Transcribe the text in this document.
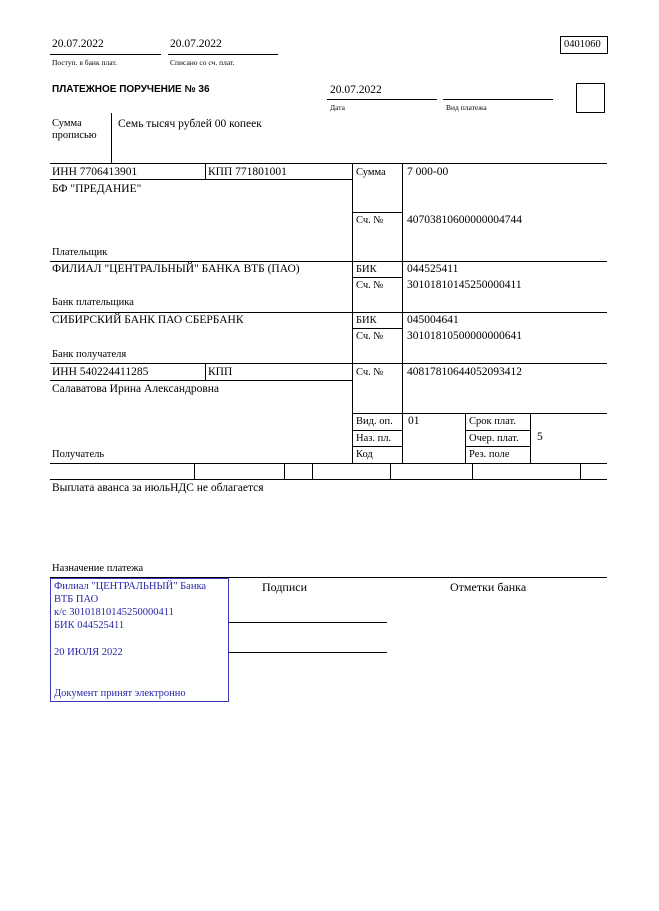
20.07.2022
Поступ. в банк плат.
20.07.2022
Списано со сч. плат.
0401060
ПЛАТЕЖНОЕ ПОРУЧЕНИЕ № 36	20.07.2022
Дата	Вид платежа
Сумма
прописью
Семь тысяч рублей 00 копеек
ИНН 7706413901	КПП 771801001	Сумма 7 000-00
БФ "ПРЕДАНИЕ"
Сч. № 40703810600000004744
Плательщик
ФИЛИАЛ "ЦЕНТРАЛЬНЫЙ" БАНКА ВТБ (ПАО)	БИК	044525411
Сч. № 30101810145250000411
Банк плательщика
СИБИРСКИЙ БАНК ПАО СБЕРБАНК	БИК	045004641
Сч. № 30101810500000000641
Банк получателя
ИНН 540224411285	КПП	Сч. № 40817810644052093412
Салаватова Ирина Александровна
Получатель
Вид. оп. 01	Срок плат.
Наз. пл.	Очер. плат. 5
Код	Рез. поле
Выплата аванса за июльНДС не облагается
Назначение платежа
Подписи	Отметки банка
Филиал "ЦЕНТРАЛЬНЫЙ" Банка
ВТБ ПАО
к/с 30101810145250000411
БИК 044525411
20 ИЮЛЯ 2022
Документ принят электронно
